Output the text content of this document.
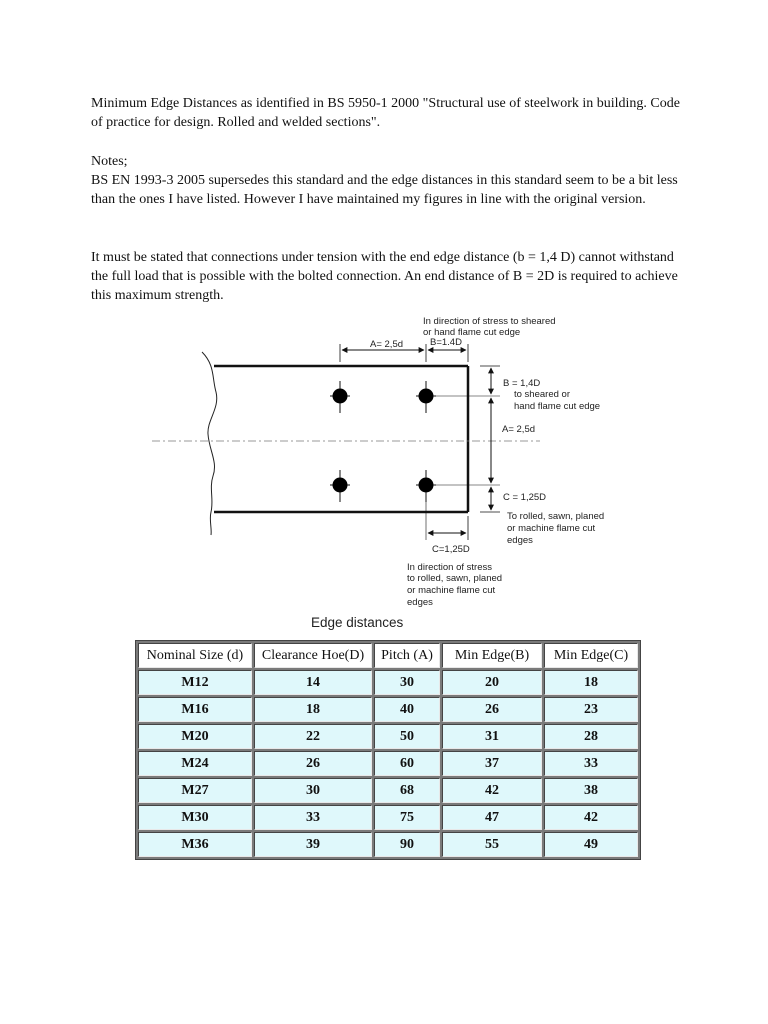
Minimum Edge Distances as identified in BS 5950-1 2000 "Structural use of steelwork in building. Code of practice for design. Rolled and welded sections".

Notes;

BS EN 1993-3 2005 supersedes this standard and the edge distances in this standard seem to be a bit less than the ones I have listed. However I have maintained my figures in line with the original version.

It must be stated that connections under tension with the end edge distance (b = 1,4 D) cannot withstand the full load that is possible with the bolted connection. An end distance of B = 2D is required to achieve this maximum strength.

In direction of stress to sheared
or hand flame cut edge
A= 2,5d	B=1.4D
B = 1,4D
to sheared or
hand flame cut edge
A= 2,5d
C = 1,25D
To rolled, sawn, planed
or machine flame cut
edges
C=1,25D
In direction of stress
to rolled, sawn, planed
or machine flame cut
edges
Edge distances
Nominal Size (d)	Clearance Hoe(D)	Pitch (A)	Min Edge(B)	Min Edge(C)
M12	14	30	20	18
M16	18	40	26	23
M20	22	50	31	28
M24	26	60	37	33
M27	30	68	42	38
M30	33	75	47	42
M36	39	90	55	49
